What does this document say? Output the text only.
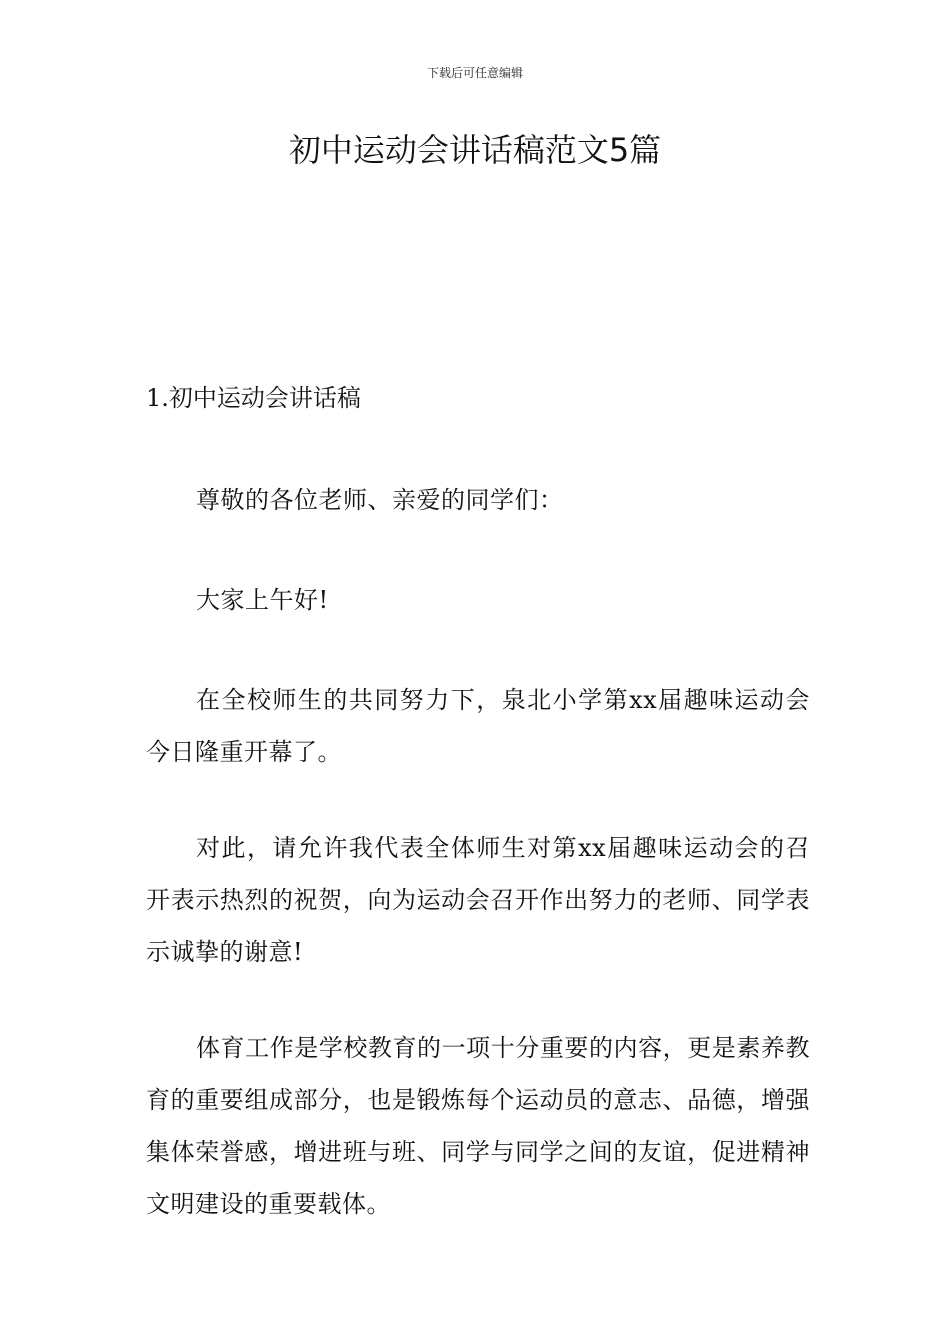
下载后可任意编辑
初中运动会讲话稿范文5篇
1.初中运动会讲话稿

尊敬的各位老师、亲爱的同学们：

大家上午好!

在全校师生的共同努力下，泉北小学第xx届趣味运动会今日隆重开幕了。

对此，请允许我代表全体师生对第xx届趣味运动会的召开表示热烈的祝贺，向为运动会召开作出努力的老师、同学表示诚挚的谢意!

体育工作是学校教育的一项十分重要的内容，更是素养教育的重要组成部分，也是锻炼每个运动员的意志、品德，增强集体荣誉感，增进班与班、同学与同学之间的友谊，促进精神文明建设的重要载体。
